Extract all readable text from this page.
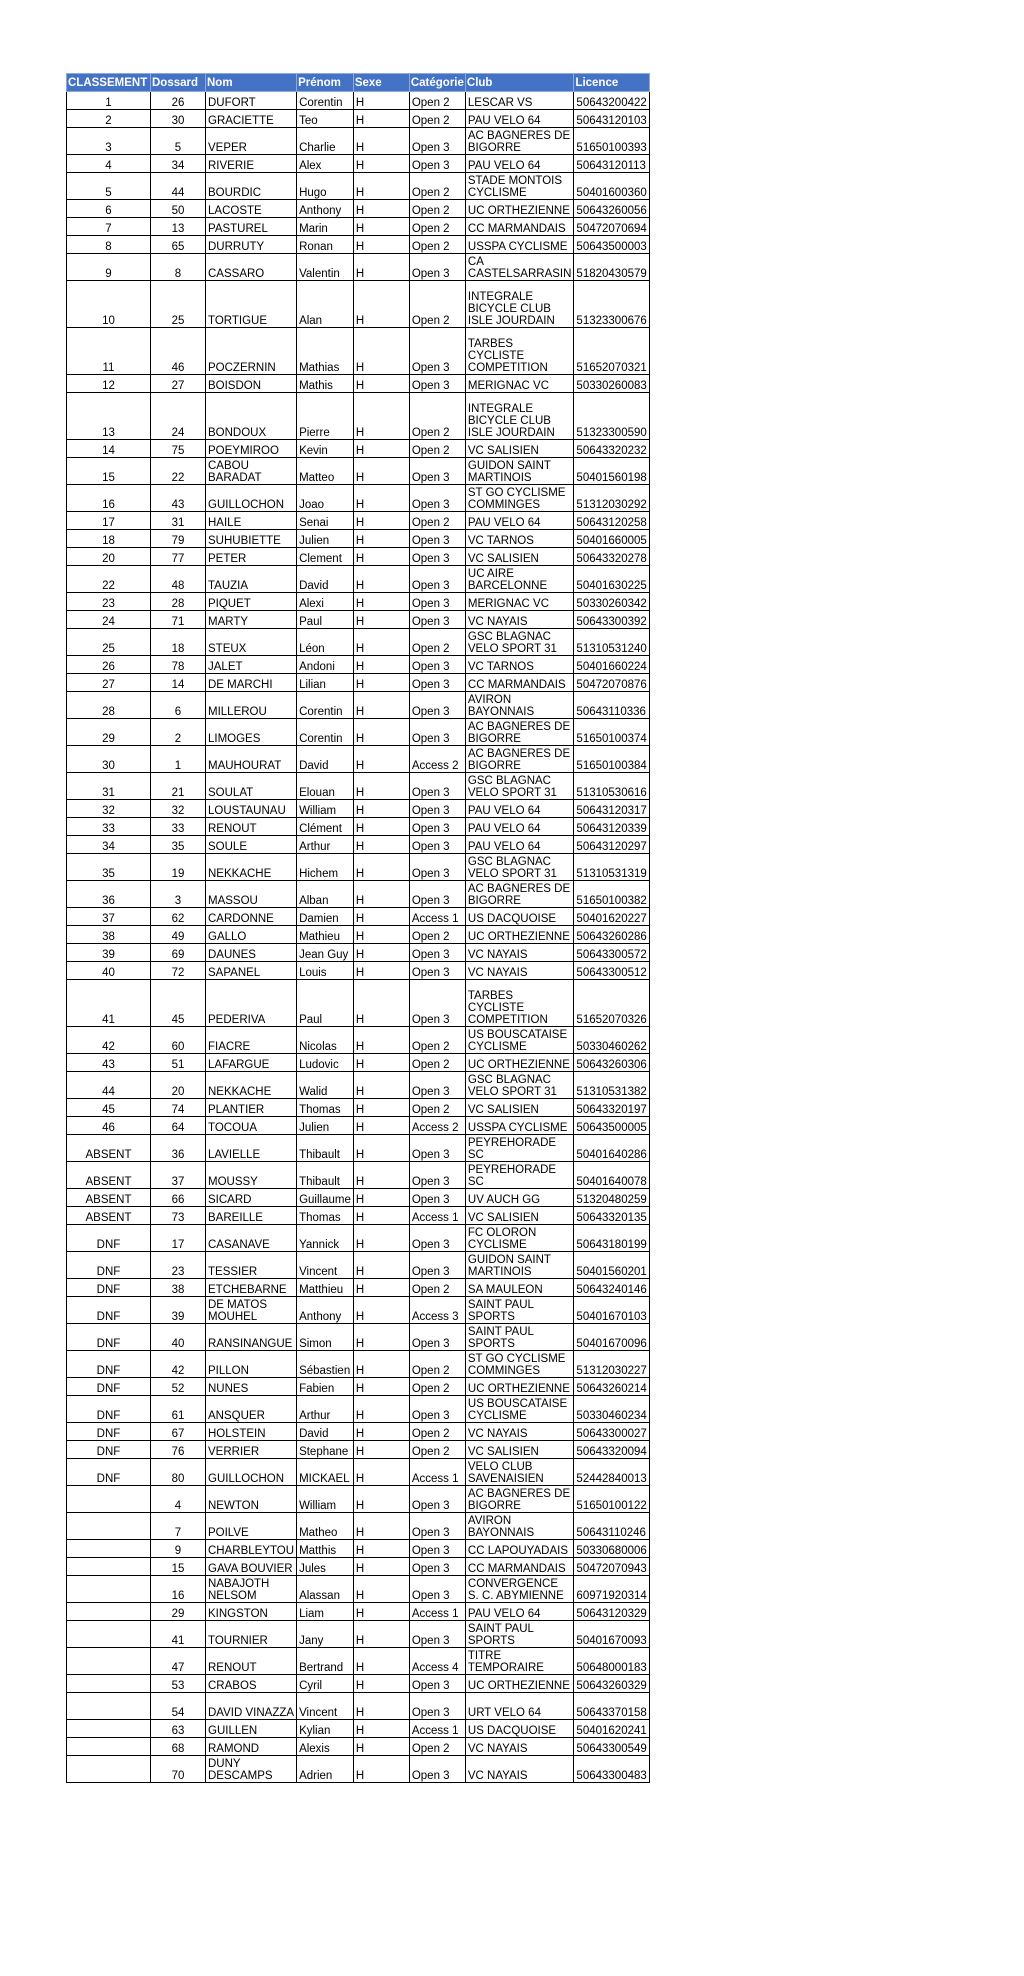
CLASSEMENT	Dossard	Nom	Prénom	Sexe	Catégorie	Club	Licence
1	26	DUFORT	Corentin	H	Open 2	LESCAR VS	50643200422
2	30	GRACIETTE	Teo	H	Open 2	PAU VELO 64	50643120103
3	5	VEPER	Charlie	H	Open 3	AC BAGNERES DE BIGORRE	51650100393
4	34	RIVERIE	Alex	H	Open 3	PAU VELO 64	50643120113
5	44	BOURDIC	Hugo	H	Open 2	STADE MONTOIS CYCLISME	50401600360
6	50	LACOSTE	Anthony	H	Open 2	UC ORTHEZIENNE	50643260056
7	13	PASTUREL	Marin	H	Open 2	CC MARMANDAIS	50472070694
8	65	DURRUTY	Ronan	H	Open 2	USSPA CYCLISME	50643500003
9	8	CASSARO	Valentin	H	Open 3	CA CASTELSARRASIN	51820430579
10	25	TORTIGUE	Alan	H	Open 2	INTEGRALE BICYCLE CLUB ISLE JOURDAIN	51323300676
11	46	POCZERNIN	Mathias	H	Open 3	TARBES CYCLISTE COMPETITION	51652070321
12	27	BOISDON	Mathis	H	Open 3	MERIGNAC VC	50330260083
13	24	BONDOUX	Pierre	H	Open 2	INTEGRALE BICYCLE CLUB ISLE JOURDAIN	51323300590
14	75	POEYMIROO	Kevin	H	Open 2	VC SALISIEN	50643320232
15	22	CABOU BARADAT	Matteo	H	Open 3	GUIDON SAINT MARTINOIS	50401560198
16	43	GUILLOCHON	Joao	H	Open 3	ST GO CYCLISME COMMINGES	51312030292
17	31	HAILE	Senai	H	Open 2	PAU VELO 64	50643120258
18	79	SUHUBIETTE	Julien	H	Open 3	VC TARNOS	50401660005
20	77	PETER	Clement	H	Open 3	VC SALISIEN	50643320278
22	48	TAUZIA	David	H	Open 3	UC AIRE BARCELONNE	50401630225
23	28	PIQUET	Alexi	H	Open 3	MERIGNAC VC	50330260342
24	71	MARTY	Paul	H	Open 3	VC NAYAIS	50643300392
25	18	STEUX	Léon	H	Open 2	GSC BLAGNAC VELO SPORT 31	51310531240
26	78	JALET	Andoni	H	Open 3	VC TARNOS	50401660224
27	14	DE MARCHI	Lilian	H	Open 3	CC MARMANDAIS	50472070876
28	6	MILLEROU	Corentin	H	Open 3	AVIRON BAYONNAIS	50643110336
29	2	LIMOGES	Corentin	H	Open 3	AC BAGNERES DE BIGORRE	51650100374
30	1	MAUHOURAT	David	H	Access 2	AC BAGNERES DE BIGORRE	51650100384
31	21	SOULAT	Elouan	H	Open 3	GSC BLAGNAC VELO SPORT 31	51310530616
32	32	LOUSTAUNAU	William	H	Open 3	PAU VELO 64	50643120317
33	33	RENOUT	Clément	H	Open 3	PAU VELO 64	50643120339
34	35	SOULE	Arthur	H	Open 3	PAU VELO 64	50643120297
35	19	NEKKACHE	Hichem	H	Open 3	GSC BLAGNAC VELO SPORT 31	51310531319
36	3	MASSOU	Alban	H	Open 3	AC BAGNERES DE BIGORRE	51650100382
37	62	CARDONNE	Damien	H	Access 1	US DACQUOISE	50401620227
38	49	GALLO	Mathieu	H	Open 2	UC ORTHEZIENNE	50643260286
39	69	DAUNES	Jean Guy	H	Open 3	VC NAYAIS	50643300572
40	72	SAPANEL	Louis	H	Open 3	VC NAYAIS	50643300512
41	45	PEDERIVA	Paul	H	Open 3	TARBES CYCLISTE COMPETITION	51652070326
42	60	FIACRE	Nicolas	H	Open 2	US BOUSCATAISE CYCLISME	50330460262
43	51	LAFARGUE	Ludovic	H	Open 2	UC ORTHEZIENNE	50643260306
44	20	NEKKACHE	Walid	H	Open 3	GSC BLAGNAC VELO SPORT 31	51310531382
45	74	PLANTIER	Thomas	H	Open 2	VC SALISIEN	50643320197
46	64	TOCOUA	Julien	H	Access 2	USSPA CYCLISME	50643500005
ABSENT	36	LAVIELLE	Thibault	H	Open 3	PEYREHORADE SC	50401640286
ABSENT	37	MOUSSY	Thibault	H	Open 3	PEYREHORADE SC	50401640078
ABSENT	66	SICARD	Guillaume	H	Open 3	UV AUCH GG	51320480259
ABSENT	73	BAREILLE	Thomas	H	Access 1	VC SALISIEN	50643320135
DNF	17	CASANAVE	Yannick	H	Open 3	FC OLORON CYCLISME	50643180199
DNF	23	TESSIER	Vincent	H	Open 3	GUIDON SAINT MARTINOIS	50401560201
DNF	38	ETCHEBARNE	Matthieu	H	Open 2	SA MAULEON	50643240146
DNF	39	DE MATOS MOUHEL	Anthony	H	Access 3	SAINT PAUL SPORTS	50401670103
DNF	40	RANSINANGUE	Simon	H	Open 3	SAINT PAUL SPORTS	50401670096
DNF	42	PILLON	Sébastien	H	Open 2	ST GO CYCLISME COMMINGES	51312030227
DNF	52	NUNES	Fabien	H	Open 2	UC ORTHEZIENNE	50643260214
DNF	61	ANSQUER	Arthur	H	Open 3	US BOUSCATAISE CYCLISME	50330460234
DNF	67	HOLSTEIN	David	H	Open 2	VC NAYAIS	50643300027
DNF	76	VERRIER	Stephane	H	Open 2	VC SALISIEN	50643320094
DNF	80	GUILLOCHON	MICKAEL	H	Access 1	VELO CLUB SAVENAISIEN	52442840013
	4	NEWTON	William	H	Open 3	AC BAGNERES DE BIGORRE	51650100122
	7	POILVE	Matheo	H	Open 3	AVIRON BAYONNAIS	50643110246
	9	CHARBLEYTOU	Matthis	H	Open 3	CC LAPOUYADAIS	50330680006
	15	GAVA BOUVIER	Jules	H	Open 3	CC MARMANDAIS	50472070943
	16	NABAJOTH NELSOM	Alassan	H	Open 3	CONVERGENCE S. C. ABYMIENNE	60971920314
	29	KINGSTON	Liam	H	Access 1	PAU VELO 64	50643120329
	41	TOURNIER	Jany	H	Open 3	SAINT PAUL SPORTS	50401670093
	47	RENOUT	Bertrand	H	Access 4	TITRE TEMPORAIRE	50648000183
	53	CRABOS	Cyril	H	Open 3	UC ORTHEZIENNE	50643260329
	54	DAVID VINAZZA	Vincent	H	Open 3	URT VELO 64	50643370158
	63	GUILLEN	Kylian	H	Access 1	US DACQUOISE	50401620241
	68	RAMOND	Alexis	H	Open 2	VC NAYAIS	50643300549
	70	DUNY DESCAMPS	Adrien	H	Open 3	VC NAYAIS	50643300483
